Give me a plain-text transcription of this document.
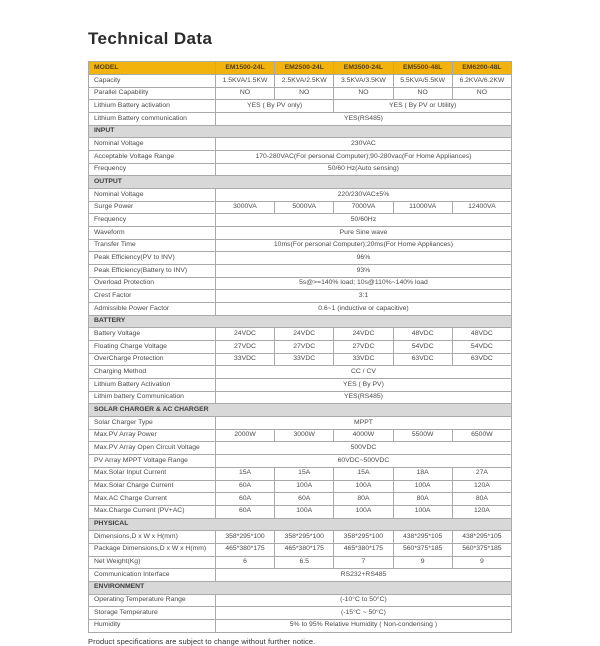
Technical Data
MODEL	EM1500-24L	EM2500-24L	EM3500-24L	EM5500-48L	EM6200-48L
Capacity	1.5KVA/1.5KW	2.5KVA/2.5KW	3.5KVA/3.5KW	5.5KVA/5.5KW	6.2KVA/6.2KW
Parallel Capability	NO	NO	NO	NO	NO
Lithium Battery activation	YES ( By PV only)		YES ( By PV or Utility)		
Lithium Battery communication	YES(RS485)				
INPUT					
Nominal Voltage	230VAC				
Acceptable Voltage Range	170-280VAC(For personal Computer);90-280vac(For Home Appliances)				
Frequency	50/60 Hz(Auto sensing)				
OUTPUT					
Nominal Voltage	220/230VAC±5%				
Surge Power	3000VA	5000VA	7000VA	11000VA	12400VA
Frequency	50/60Hz				
Waveform	Pure Sine wave				
Transfer Time	10ms(For personal Computer);20ms(For Home Appliances)				
Peak Efficiency(PV to INV)	96%				
Peak Efficiency(Battery to INV)	93%				
Overload Protection	5s@>=140% load; 10s@110%~140% load				
Crest Factor	3:1				
Admissible Power Factor	0.6~1 (inductive or capacitive)				
BATTERY					
Battery Voltage	24VDC	24VDC	24VDC	48VDC	48VDC
Floating Charge Voltage	27VDC	27VDC	27VDC	54VDC	54VDC
OverCharge Protection	33VDC	33VDC	33VDC	63VDC	63VDC
Charging Method	CC / CV				
Lithium Battery Activation	YES ( By PV)				
Lithim battery Communication	YES(RS485)				
SOLAR CHARGER & AC CHARGER					
Solar Charger Type	MPPT				
Max.PV Array Power	2000W	3000W	4000W	5500W	6500W
Max.PV Array Open Circuit Voltage	500VDC				
PV Array MPPT Voltage Range	60VDC~500VDC				
Max.Solar Input Current	15A	15A	15A	18A	27A
Max.Solar Charge Current	60A	100A	100A	100A	120A
Max.AC Charge Current	60A	60A	80A	80A	80A
Max.Charge Current (PV+AC)	60A	100A	100A	100A	120A
PHYSICAL					
Dimensions,D x W x H(mm)	358*295*100	358*295*100	358*295*100	438*295*105	438*295*105
Package Dimensions,D x W x H(mm)	465*380*175	465*380*175	465*380*175	560*375*185	560*375*185
Net Weight(Kg)	6	6.5	7	9	9
Communication Interface	RS232+RS485				
ENVIRONMENT					
Operating Temperature Range	(-10°C to 50°C)				
Storage Temperature	(-15°C ~ 50°C)				
Humidity	5% to 95% Relative Humidity ( Non-condensing )				

Product specifications are subject to change without further notice.
